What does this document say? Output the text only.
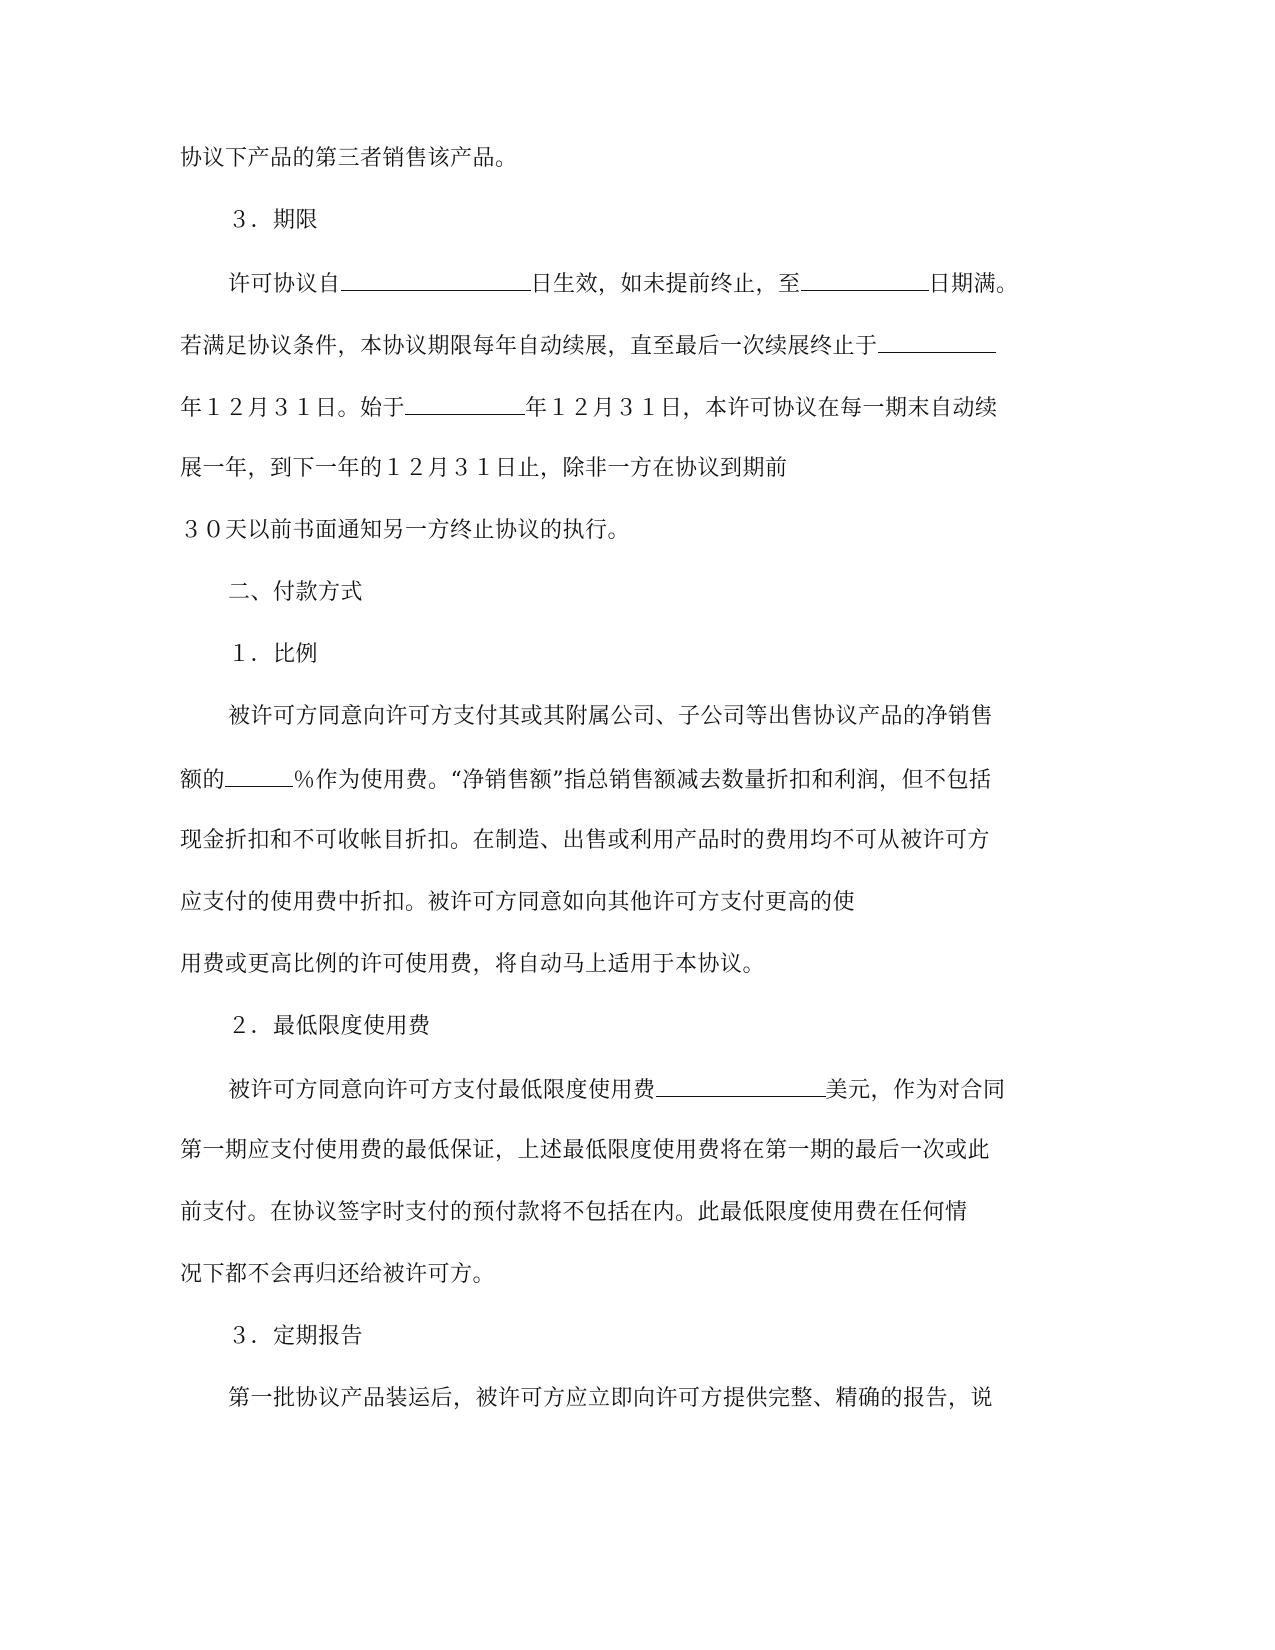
协议下产品的第三者销售该产品。
３．期限
许可协议自	日生效，如未提前终止，至	日期满。
若满足协议条件，本协议期限每年自动续展，直至最后一次续展终止于
年１２月３１日。始于	年１２月３１日，本许可协议在每一期末自动续
展一年，到下一年的１２月３１日止，除非一方在协议到期前
３０天以前书面通知另一方终止协议的执行。
二、付款方式
１．比例
被许可方同意向许可方支付其或其附属公司、子公司等出售协议产品的净销售
额的	％作为使用费。“净销售额”指总销售额减去数量折扣和利润，但不包括
现金折扣和不可收帐目折扣。在制造、出售或利用产品时的费用均不可从被许可方
应支付的使用费中折扣。被许可方同意如向其他许可方支付更高的使
用费或更高比例的许可使用费，将自动马上适用于本协议。
２．最低限度使用费
被许可方同意向许可方支付最低限度使用费	美元，作为对合同
第一期应支付使用费的最低保证，上述最低限度使用费将在第一期的最后一次或此
前支付。在协议签字时支付的预付款将不包括在内。此最低限度使用费在任何情
况下都不会再归还给被许可方。
３．定期报告
第一批协议产品装运后，被许可方应立即向许可方提供完整、精确的报告，说
